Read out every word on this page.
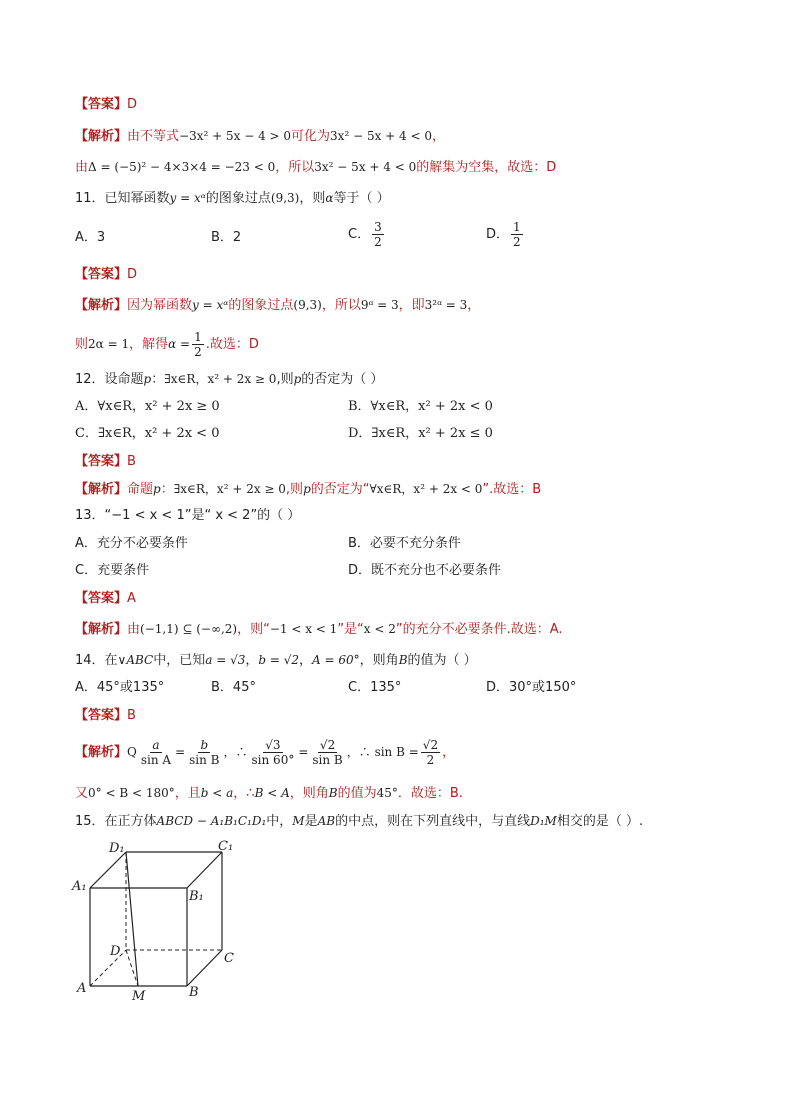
【答案】D
【解析】由不等式−3x² + 5x − 4 > 0可化为3x² − 5x + 4 < 0，
由Δ = (−5)² − 4×3×4 = −23 < 0，所以3x² − 5x + 4 < 0的解集为空集，故选：D
11．已知幂函数y = xᵅ的图象过点(9,3)，则α等于（ ）
A．3	B．2	C． $\frac{3}{2}$	D． $\frac{1}{2}$
【答案】D
【解析】因为幂函数y = xᵅ的图象过点(9,3)，所以9ᵅ = 3，即3²ᵅ = 3，
则2α = 1，解得$\alpha = \frac{1}{2}$ .故选：D
12．设命题p：∃x∈R，x² + 2x ≥ 0,则p的否定为（ ）
A．∀x∈R，x² + 2x ≥ 0	B．∀x∈R，x² + 2x < 0
C．∃x∈R，x² + 2x < 0	D．∃x∈R，x² + 2x ≤ 0
【答案】B
【解析】命题p：∃x∈R，x² + 2x ≥ 0,则p的否定为“∀x∈R，x² + 2x < 0”.故选：B
13．“−1 < x < 1”是“ x < 2”的（ ）
A．充分不必要条件	B．必要不充分条件
C．充要条件	D．既不充分也不必要条件
【答案】A
【解析】由(−1,1) ⊆ (−∞,2)，则“−1 < x < 1”是“x < 2”的充分不必要条件.故选：A.
14．在∨ABC中，已知a = √3，b = √2，A = 60°，则角B的值为（ ）
A．45°或135°	B．45°	C．135°	D．30°或150°
【答案】B
【解析】Q $\frac{a}{\text{sin A}} = \frac{b}{\text{sin B}}$ ，∴ $\frac{√3}{\sin 60^\circ} = \frac{√2}{\text{sin B}}$ ，∴ $\sin B = \frac{√2}{2}$ ，
又0° < B < 180°，且b < a，∴B < A，则角B的值为45°．故选：B.
15．在正方体ABCD − A₁B₁C₁D₁中，M是AB的中点，则在下列直线中，与直线D₁M相交的是（ ）.
D₁	C₁
A₁
B₁
D	C
A	B
M
